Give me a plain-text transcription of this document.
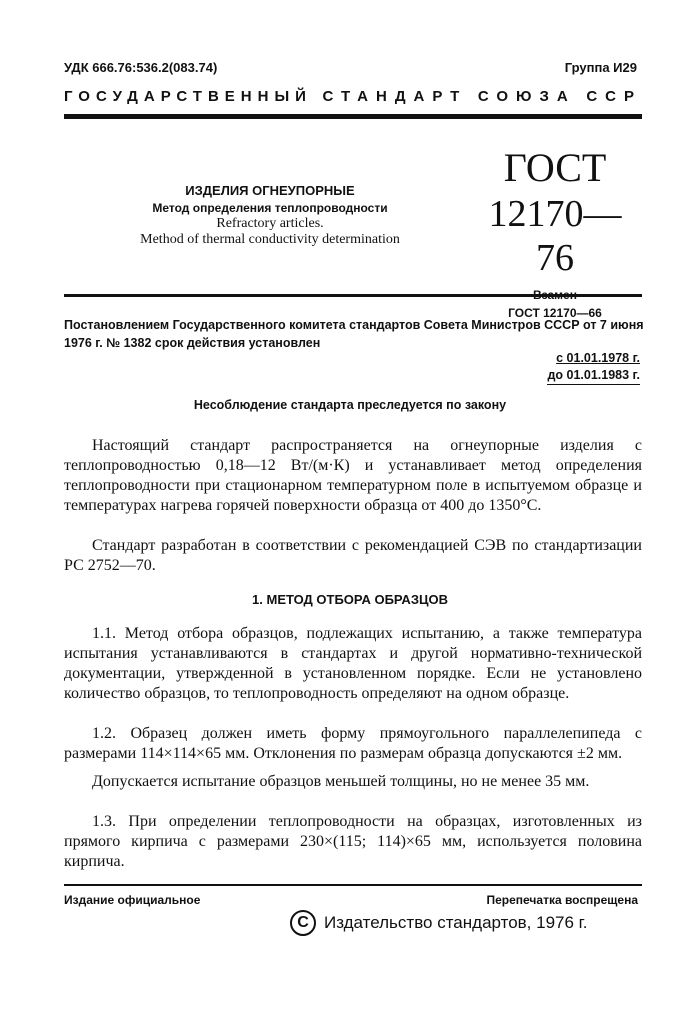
УДК 666.76:536.2(083.74)	Группа И29
ГОСУДАРСТВЕННЫЙ СТАНДАРТ СОЮЗА ССР
ИЗДЕЛИЯ ОГНЕУПОРНЫЕ
Метод определения теплопроводности
Refractory articles.
Method of thermal conductivity determination
ГОСТ
12170—76
ГОСТ 12170—66
Постановлением Государственного комитета стандартов Совета Министров СССР от 7 июня 1976 г. № 1382 срок действия установлен
с 01.01.1978 г.
до 01.01.1983 г.
Несоблюдение стандарта преследуется по закону
Настоящий стандарт распространяется на огнеупорные изделия с теплопроводностью 0,18—12 Вт/(м·К) и устанавливает метод определения теплопроводности при стационарном температурном поле в испытуемом образце и температурах нагрева горячей поверхности образца от 400 до 1350°С.
Стандарт разработан в соответствии с рекомендацией СЭВ по стандартизации РС 2752—70.
1. МЕТОД ОТБОРА ОБРАЗЦОВ
1.1. Метод отбора образцов, подлежащих испытанию, а также температура испытания устанавливаются в стандартах и другой нормативно-технической документации, утвержденной в установленном порядке. Если не установлено количество образцов, то теплопроводность определяют на одном образце.
1.2. Образец должен иметь форму прямоугольного параллелепипеда с размерами 114×114×65 мм. Отклонения по размерам образца допускаются ±2 мм.
Допускается испытание образцов меньшей толщины, но не менее 35 мм.
1.3. При определении теплопроводности на образцах, изготовленных из прямого кирпича с размерами 230×(115; 114)×65 мм, используется половина кирпича.
Издание официальное	Перепечатка воспрещена
С Издательство стандартов, 1976 г.
